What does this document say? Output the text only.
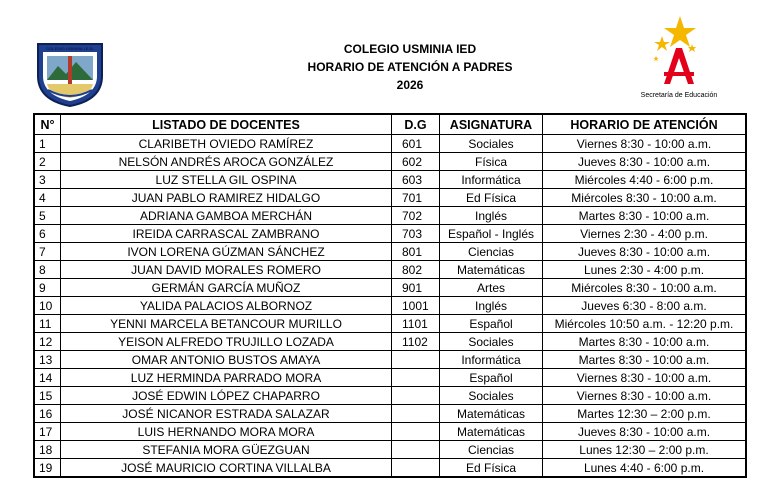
COLEGIO USMINIA I.E.D.	COLEGIO USMINIA IED
HORARIO DE ATENCIÓN A PADRES
2026
Secretaría de Educación
N°	LISTADO DE DOCENTES	D.G	ASIGNATURA	HORARIO DE ATENCIÓN
1	CLARIBETH OVIEDO RAMÍREZ	601	Sociales	Viernes 8:30 - 10:00 a.m.
2	NELSÓN ANDRÉS AROCA GONZÁLEZ	602	Física	Jueves 8:30 - 10:00 a.m.
3	LUZ STELLA GIL OSPINA	603	Informática	Miércoles 4:40 - 6:00 p.m.
4	JUAN PABLO RAMIREZ HIDALGO	701	Ed Física	Miércoles 8:30 - 10:00 a.m.
5	ADRIANA GAMBOA MERCHÁN	702	Inglés	Martes 8:30 - 10:00 a.m.
6	IREIDA CARRASCAL ZAMBRANO	703	Español - Inglés	Viernes 2:30 - 4:00 p.m.
7	IVON LORENA GÚZMAN SÁNCHEZ	801	Ciencias	Jueves 8:30 - 10:00 a.m.
8	JUAN DAVID MORALES ROMERO	802	Matemáticas	Lunes 2:30 - 4:00 p.m.
9	GERMÁN GARCÍA MUÑOZ	901	Artes	Miércoles 8:30 - 10:00 a.m.
10	YALIDA PALACIOS ALBORNOZ	1001	Inglés	Jueves 6:30 - 8:00 a.m.
11	YENNI MARCELA BETANCOUR MURILLO	1101	Español	Miércoles 10:50 a.m. - 12:20 p.m.
12	YEISON ALFREDO TRUJILLO LOZADA	1102	Sociales	Martes 8:30 - 10:00 a.m.
13	OMAR ANTONIO BUSTOS AMAYA		Informática	Martes 8:30 - 10:00 a.m.
14	LUZ HERMINDA PARRADO MORA		Español	Viernes 8:30 - 10:00 a.m.
15	JOSÉ EDWIN LÓPEZ CHAPARRO		Sociales	Viernes 8:30 - 10:00 a.m.
16	JOSÉ NICANOR ESTRADA SALAZAR		Matemáticas	Martes 12:30 – 2:00 p.m.
17	LUIS HERNANDO MORA MORA		Matemáticas	Jueves 8:30 - 10:00 a.m.
18	STEFANIA MORA GÜEZGUAN		Ciencias	Lunes 12:30 – 2:00 p.m.
19	JOSÉ MAURICIO CORTINA VILLALBA		Ed Física	Lunes 4:40 - 6:00 p.m.
